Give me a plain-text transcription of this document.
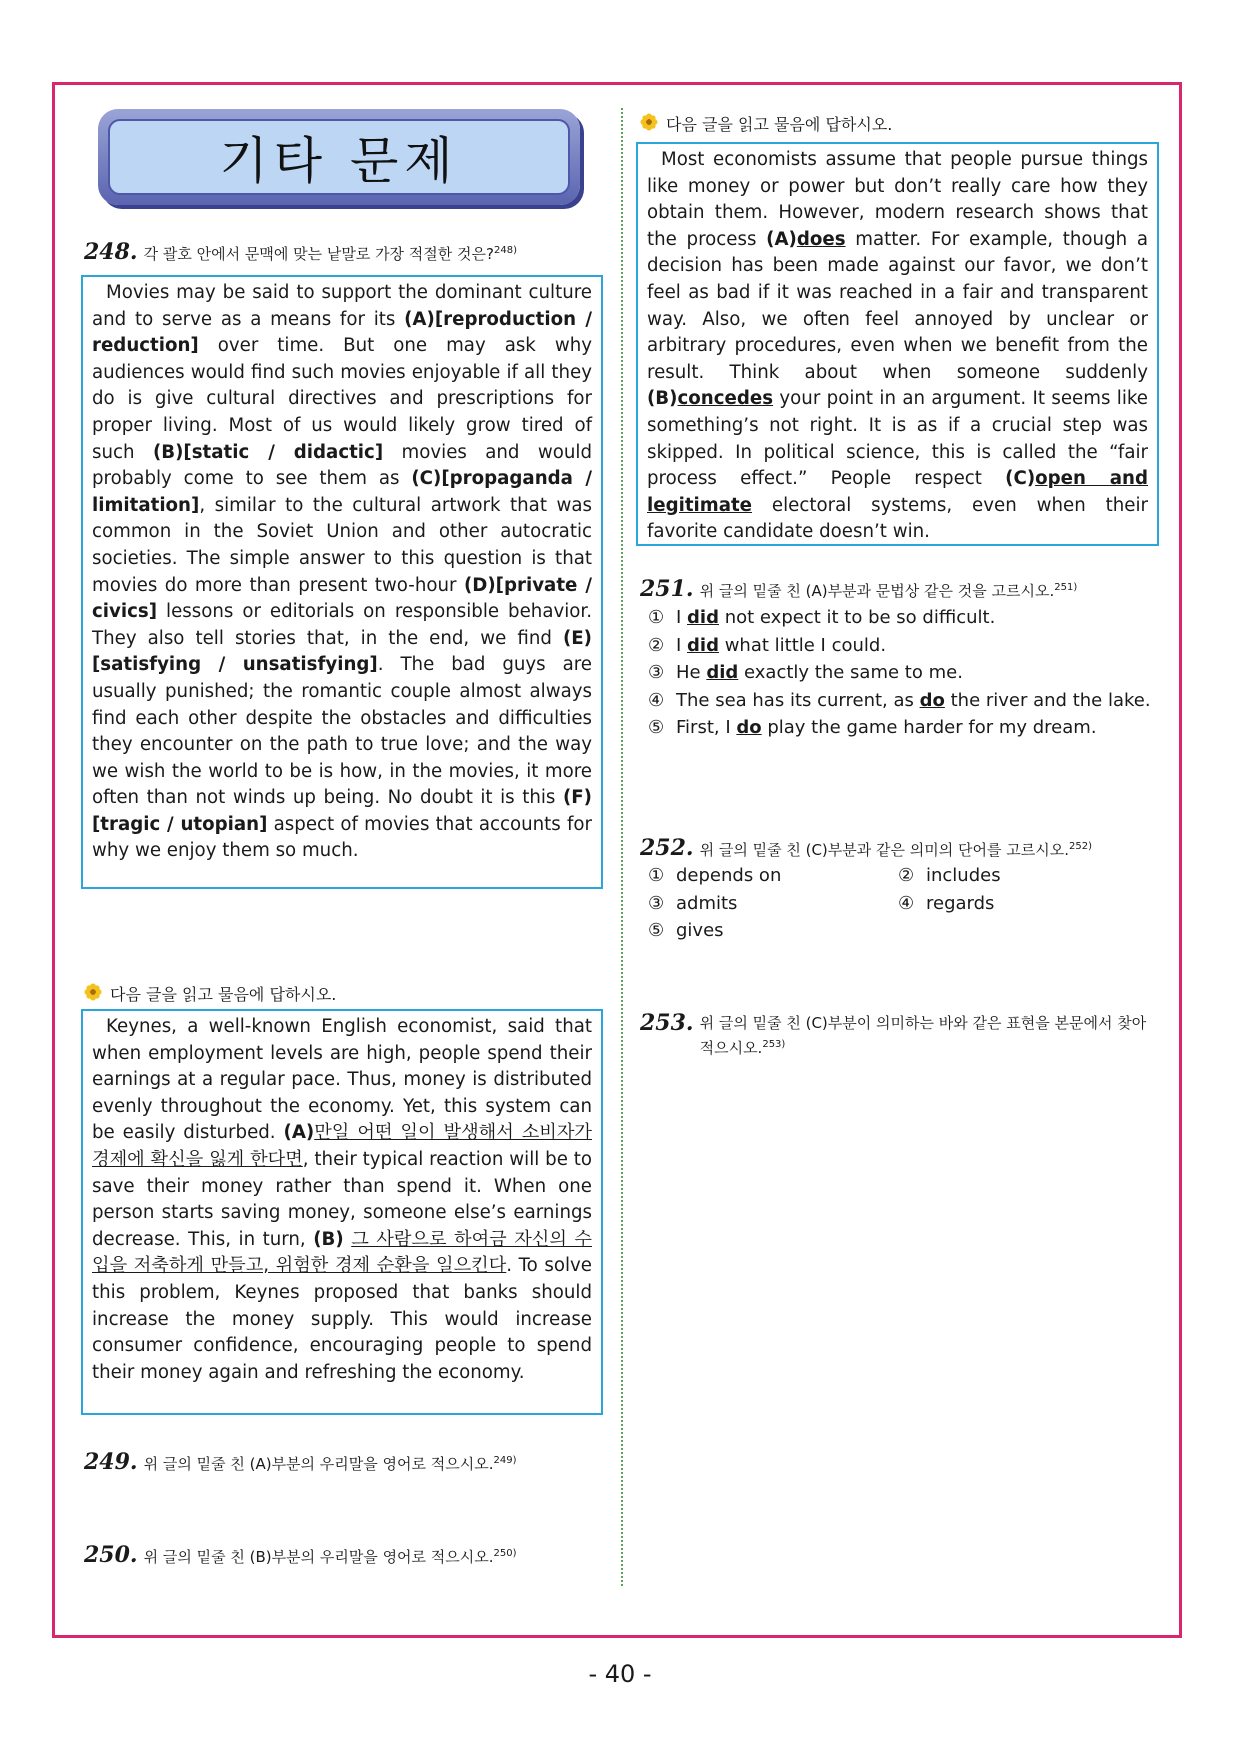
기타 문제
248. 각 괄호 안에서 문맥에 맞는 낱말로 가장 적절한 것은?$^{248)}$
Movies may be said to support the dominant culture and to serve as a means for its (A)[reproduction / reduction] over time. But one may ask why audiences would find such movies enjoyable if all they do is give cultural directives and prescriptions for proper living. Most of us would likely grow tired of such (B)[static / didactic] movies and would probably come to see them as (C)[propaganda / limitation], similar to the cultural artwork that was common in the Soviet Union and other autocratic societies. The simple answer to this question is that movies do more than present two-hour (D)[private / civics] lessons or editorials on responsible behavior. They also tell stories that, in the end, we find (E)[satisfying / unsatisfying]. The bad guys are usually punished; the romantic couple almost always find each other despite the obstacles and difficulties they encounter on the path to true love; and the way we wish the world to be is how, in the movies, it more often than not winds up being. No doubt it is this (F)[tragic / utopian] aspect of movies that accounts for why we enjoy them so much.
다음 글을 읽고 물음에 답하시오.
Keynes, a well-known English economist, said that when employment levels are high, people spend their earnings at a regular pace. Thus, money is distributed evenly throughout the economy. Yet, this system can be easily disturbed. (A)만일 어떤 일이 발생해서 소비자가 경제에 확신을 잃게 한다면, their typical reaction will be to save their money rather than spend it. When one person starts saving money, someone else’s earnings decrease. This, in turn, (B) 그 사람으로 하여금 자신의 수입을 저축하게 만들고, 위험한 경제 순환을 일으킨다. To solve this problem, Keynes proposed that banks should increase the money supply. This would increase consumer confidence, encouraging people to spend their money again and refreshing the economy.
249. 위 글의 밑줄 친 (A)부분의 우리말을 영어로 적으시오.$^{249)}$
250. 위 글의 밑줄 친 (B)부분의 우리말을 영어로 적으시오.$^{250)}$
다음 글을 읽고 물음에 답하시오.
Most economists assume that people pursue things like money or power but don’t really care how they obtain them. However, modern research shows that the process (A)does matter. For example, though a decision has been made against our favor, we don’t feel as bad if it was reached in a fair and transparent way. Also, we often feel annoyed by unclear or arbitrary procedures, even when we benefit from the result. Think about when someone suddenly (B)concedes your point in an argument. It seems like something’s not right. It is as if a crucial step was skipped. In political science, this is called the “fair process effect.” People respect (C)open and legitimate electoral systems, even when their favorite candidate doesn’t win.
251. 위 글의 밑줄 친 (A)부분과 문법상 같은 것을 고르시오.$^{251)}$
① I did not expect it to be so difficult.
② I did what little I could.
③ He did exactly the same to me.
④ The sea has its current, as do the river and the lake.
⑤ First, I do play the game harder for my dream.
252. 위 글의 밑줄 친 (C)부분과 같은 의미의 단어를 고르시오.$^{252)}$
① depends on	② includes
③ admits	④ regards
⑤ gives
253. 위 글의 밑줄 친 (C)부분이 의미하는 바와 같은 표현을 본문에서 찾아 적으시오.$^{253)}$
- 40 -
